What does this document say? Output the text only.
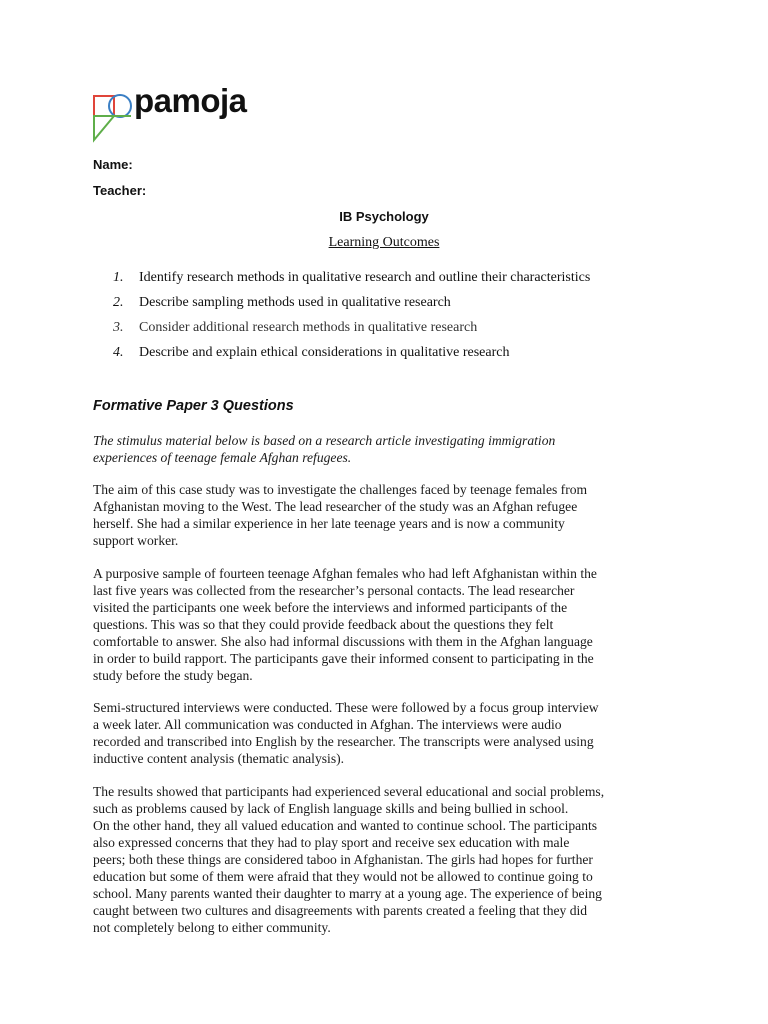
pamoja
Name:
Teacher:
IB Psychology
Learning Outcomes
1. Identify research methods in qualitative research and outline their characteristics
2. Describe sampling methods used in qualitative research
3. Consider additional research methods in qualitative research
4. Describe and explain ethical considerations in qualitative research
Formative Paper 3 Questions
The stimulus material below is based on a research article investigating immigration
experiences of teenage female Afghan refugees.
The aim of this case study was to investigate the challenges faced by teenage females from
Afghanistan moving to the West. The lead researcher of the study was an Afghan refugee
herself. She had a similar experience in her late teenage years and is now a community
support worker.
A purposive sample of fourteen teenage Afghan females who had left Afghanistan within the
last five years was collected from the researcher’s personal contacts. The lead researcher
visited the participants one week before the interviews and informed participants of the
questions. This was so that they could provide feedback about the questions they felt
comfortable to answer. She also had informal discussions with them in the Afghan language
in order to build rapport. The participants gave their informed consent to participating in the
study before the study began.
Semi-structured interviews were conducted. These were followed by a focus group interview
a week later. All communication was conducted in Afghan. The interviews were audio
recorded and transcribed into English by the researcher. The transcripts were analysed using
inductive content analysis (thematic analysis).
The results showed that participants had experienced several educational and social problems,
such as problems caused by lack of English language skills and being bullied in school.
On the other hand, they all valued education and wanted to continue school. The participants
also expressed concerns that they had to play sport and receive sex education with male
peers; both these things are considered taboo in Afghanistan. The girls had hopes for further
education but some of them were afraid that they would not be allowed to continue going to
school. Many parents wanted their daughter to marry at a young age. The experience of being
caught between two cultures and disagreements with parents created a feeling that they did
not completely belong to either community.
